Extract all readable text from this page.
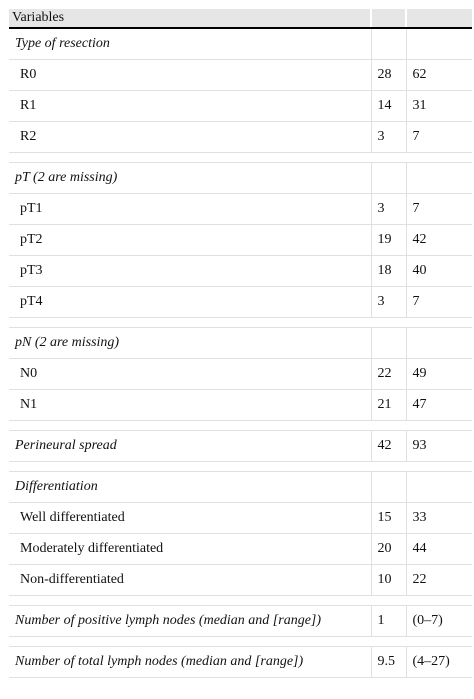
Variables		
Type of resection		
R0	28	62
R1	14	31
R2	3	7

pT (2 are missing)		
pT1	3	7
pT2	19	42
pT3	18	40
pT4	3	7

pN (2 are missing)		
N0	22	49
N1	21	47

Perineural spread	42	93

Differentiation		
Well differentiated	15	33
Moderately differentiated	20	44
Non-differentiated	10	22

Number of positive lymph nodes (median and [range])	1	(0–7)

Number of total lymph nodes (median and [range])	9.5	(4–27)
